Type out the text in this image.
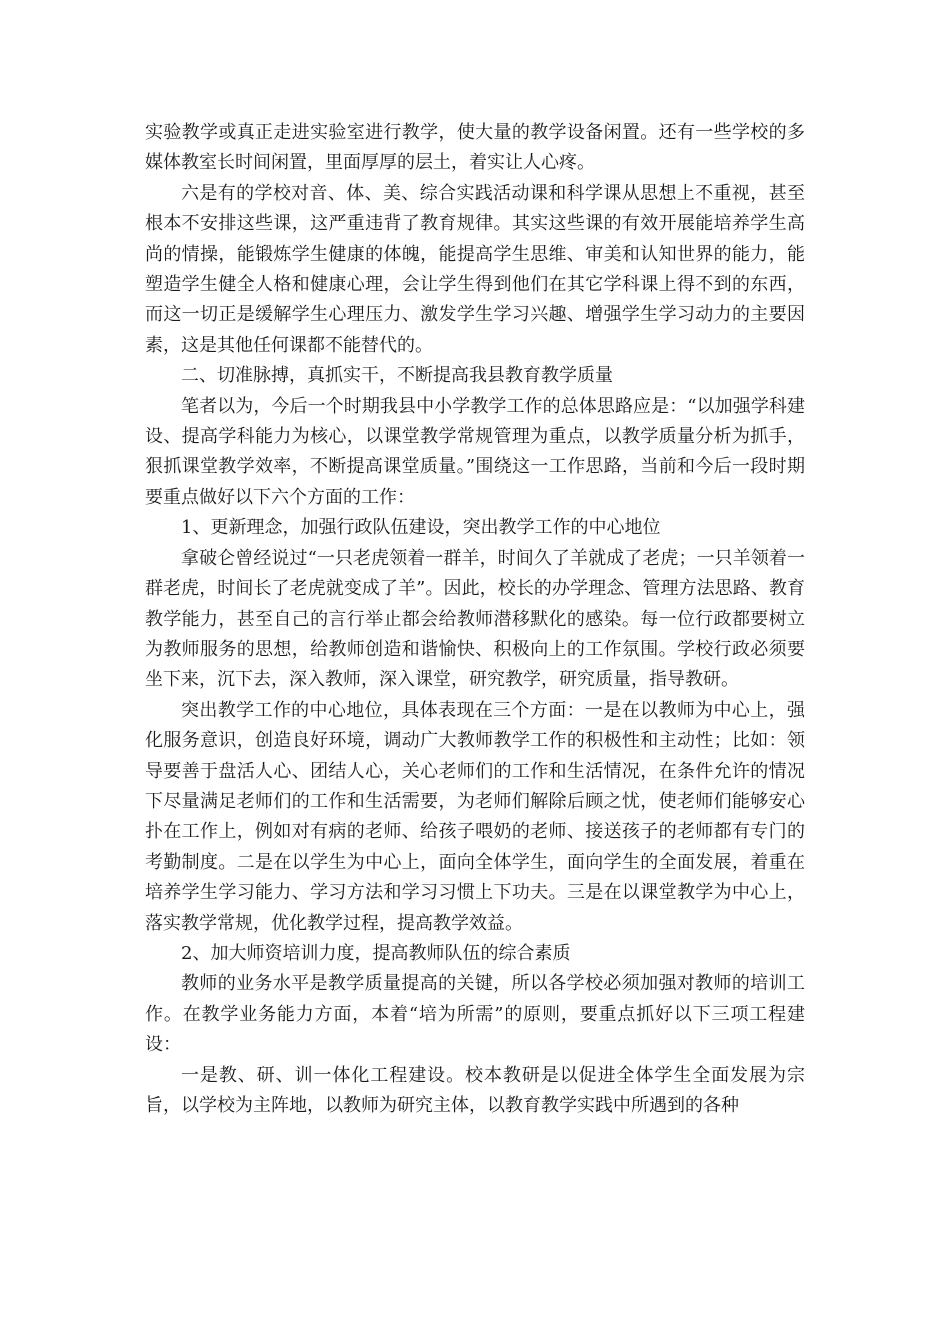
实验教学或真正走进实验室进行教学，使大量的教学设备闲置。还有一些学校的多媒体教室长时间闲置，里面厚厚的层土，着实让人心疼。

六是有的学校对音、体、美、综合实践活动课和科学课从思想上不重视，甚至根本不安排这些课，这严重违背了教育规律。其实这些课的有效开展能培养学生高尚的情操，能锻炼学生健康的体魄，能提高学生思维、审美和认知世界的能力，能塑造学生健全人格和健康心理，会让学生得到他们在其它学科课上得不到的东西，而这一切正是缓解学生心理压力、激发学生学习兴趣、增强学生学习动力的主要因素，这是其他任何课都不能替代的。

二、切准脉搏，真抓实干，不断提高我县教育教学质量

笔者以为，今后一个时期我县中小学教学工作的总体思路应是：“以加强学科建设、提高学科能力为核心，以课堂教学常规管理为重点，以教学质量分析为抓手，狠抓课堂教学效率，不断提高课堂质量。”围绕这一工作思路，当前和今后一段时期要重点做好以下六个方面的工作：

1、更新理念，加强行政队伍建设，突出教学工作的中心地位

拿破仑曾经说过“一只老虎领着一群羊，时间久了羊就成了老虎；一只羊领着一群老虎，时间长了老虎就变成了羊”。因此，校长的办学理念、管理方法思路、教育教学能力，甚至自己的言行举止都会给教师潜移默化的感染。每一位行政都要树立为教师服务的思想，给教师创造和谐愉快、积极向上的工作氛围。学校行政必须要坐下来，沉下去，深入教师，深入课堂，研究教学，研究质量，指导教研。

突出教学工作的中心地位，具体表现在三个方面：一是在以教师为中心上，强化服务意识，创造良好环境，调动广大教师教学工作的积极性和主动性；比如：领导要善于盘活人心、团结人心，关心老师们的工作和生活情况，在条件允许的情况下尽量满足老师们的工作和生活需要，为老师们解除后顾之忧，使老师们能够安心扑在工作上，例如对有病的老师、给孩子喂奶的老师、接送孩子的老师都有专门的考勤制度。二是在以学生为中心上，面向全体学生，面向学生的全面发展，着重在培养学生学习能力、学习方法和学习习惯上下功夫。三是在以课堂教学为中心上，落实教学常规，优化教学过程，提高教学效益。

2、加大师资培训力度，提高教师队伍的综合素质

教师的业务水平是教学质量提高的关键，所以各学校必须加强对教师的培训工作。在教学业务能力方面，本着“培为所需”的原则，要重点抓好以下三项工程建设：

一是教、研、训一体化工程建设。校本教研是以促进全体学生全面发展为宗旨，以学校为主阵地，以教师为研究主体，以教育教学实践中所遇到的各种
